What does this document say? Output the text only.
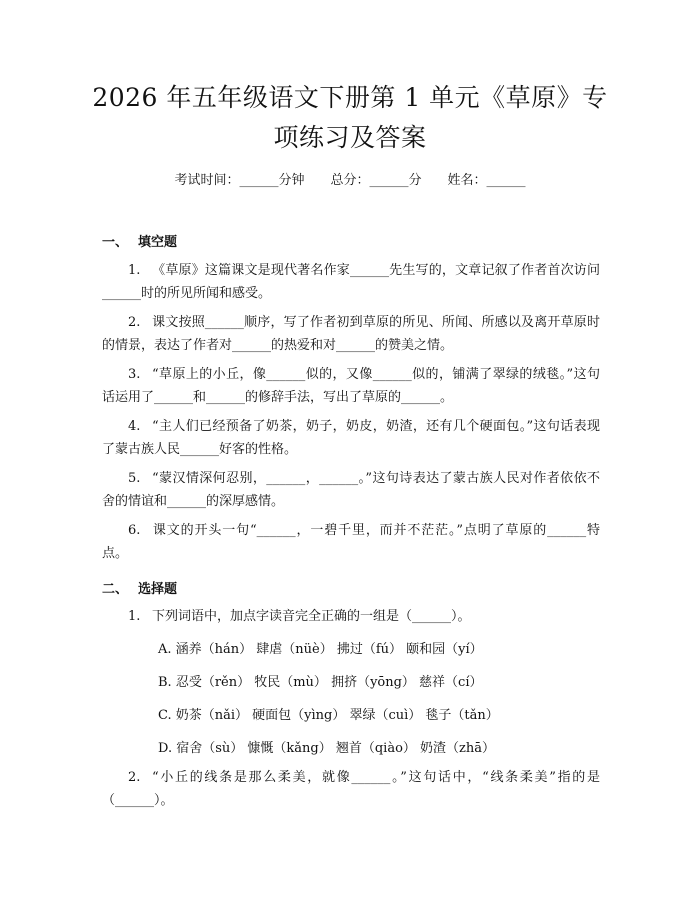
2026 年五年级语文下册第 1 单元《草原》专
项练习及答案
考试时间：______分钟 总分：______分 姓名：______
一、 填空题
1. 《草原》这篇课文是现代著名作家______先生写的，文章记叙了作者首次访问______时的所见所闻和感受。
2. 课文按照______顺序，写了作者初到草原的所见、所闻、所感以及离开草原时的情景，表达了作者对______的热爱和对______的赞美之情。
3. “草原上的小丘，像______似的，又像______似的，铺满了翠绿的绒毯。”这句话运用了______和______的修辞手法，写出了草原的______。
4. “主人们已经预备了奶茶，奶子，奶皮，奶渣，还有几个硬面包。”这句话表现了蒙古族人民______好客的性格。
5. “蒙汉情深何忍别，______，______。”这句诗表达了蒙古族人民对作者依依不舍的情谊和______的深厚感情。
6. 课文的开头一句“______，一碧千里，而并不茫茫。”点明了草原的______特点。
二、 选择题
1. 下列词语中，加点字读音完全正确的一组是（______）。
A. 涵养（hán） 肆虐（nüè） 拂过（fú） 颐和园（yí）
B. 忍受（rěn） 牧民（mù） 拥挤（yōng） 慈祥（cí）
C. 奶茶（nǎi） 硬面包（yìng） 翠绿（cuì） 毯子（tǎn）
D. 宿舍（sù） 慷慨（kǎng） 翘首（qiào） 奶渣（zhā）
2. “小丘的线条是那么柔美，就像______。”这句话中，“线条柔美”指的是（______）。
